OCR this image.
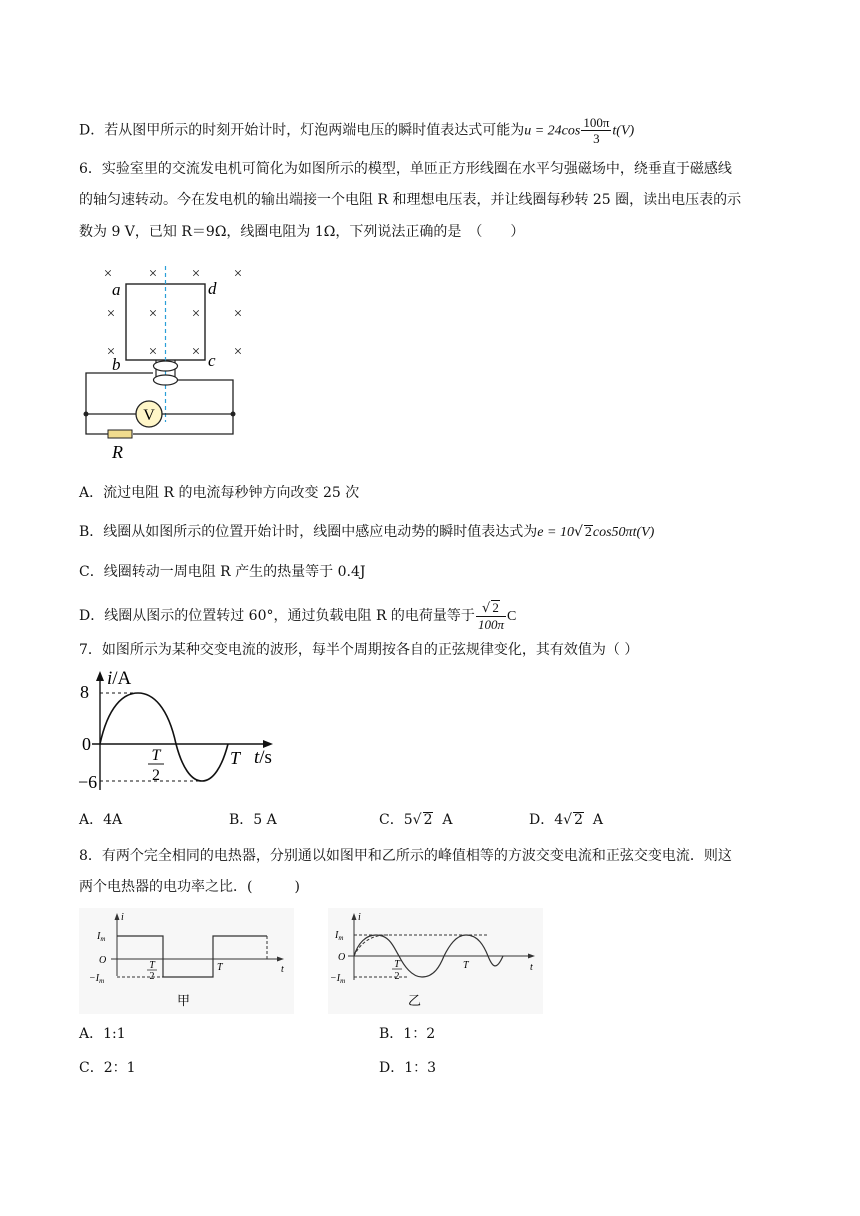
D．若从图甲所示的时刻开始计时，灯泡两端电压的瞬时值表达式可能为$u = 24\cos \frac{100\pi}{3} t(V)$
6．实验室里的交流发电机可简化为如图所示的模型，单匝正方形线圈在水平匀强磁场中，绕垂直于磁感线
的轴匀速转动。今在发电机的输出端接一个电阻 R 和理想电压表，并让线圈每秒转 25 圈，读出电压表的示
数为 9 V，已知 R＝9Ω，线圈电阻为 1Ω，下列说法正确的是　（　　）
× × × ×
× × × ×
× × × ×
a	d
b	c
V
R
A．流过电阻 R 的电流每秒钟方向改变 25 次
B．线圈从如图所示的位置开始计时，线圈中感应电动势的瞬时值表达式为e = 10√ 2cos50πt(V)
C．线圈转动一周电阻 R 产生的热量等于 0.4J
D．线圈从图示的位置转过 60°，通过负载电阻 R 的电荷量等于 $\frac{√ 2}{100\pi}$ C
7．如图所示为某种交变电流的波形，每半个周期按各自的正弦规律变化，其有效值为（ ）
8
0
−6
i/A
t/s
T
2
T
A．4A	B．5 A	C．5√ 2  A	D．4√ 2  A
8．有两个完全相同的电热器，分别通以如图甲和乙所示的峰值相等的方波交变电流和正弦交变电流．则这
两个电热器的电功率之比．(　　　)
i
$I_m$
O
$-I_m$
T
2
T	t
甲
i
$I_m$
O
$-I_m$
T
2
T	t
乙
A．1:1	B．1：2
C．2：1	D．1：3
